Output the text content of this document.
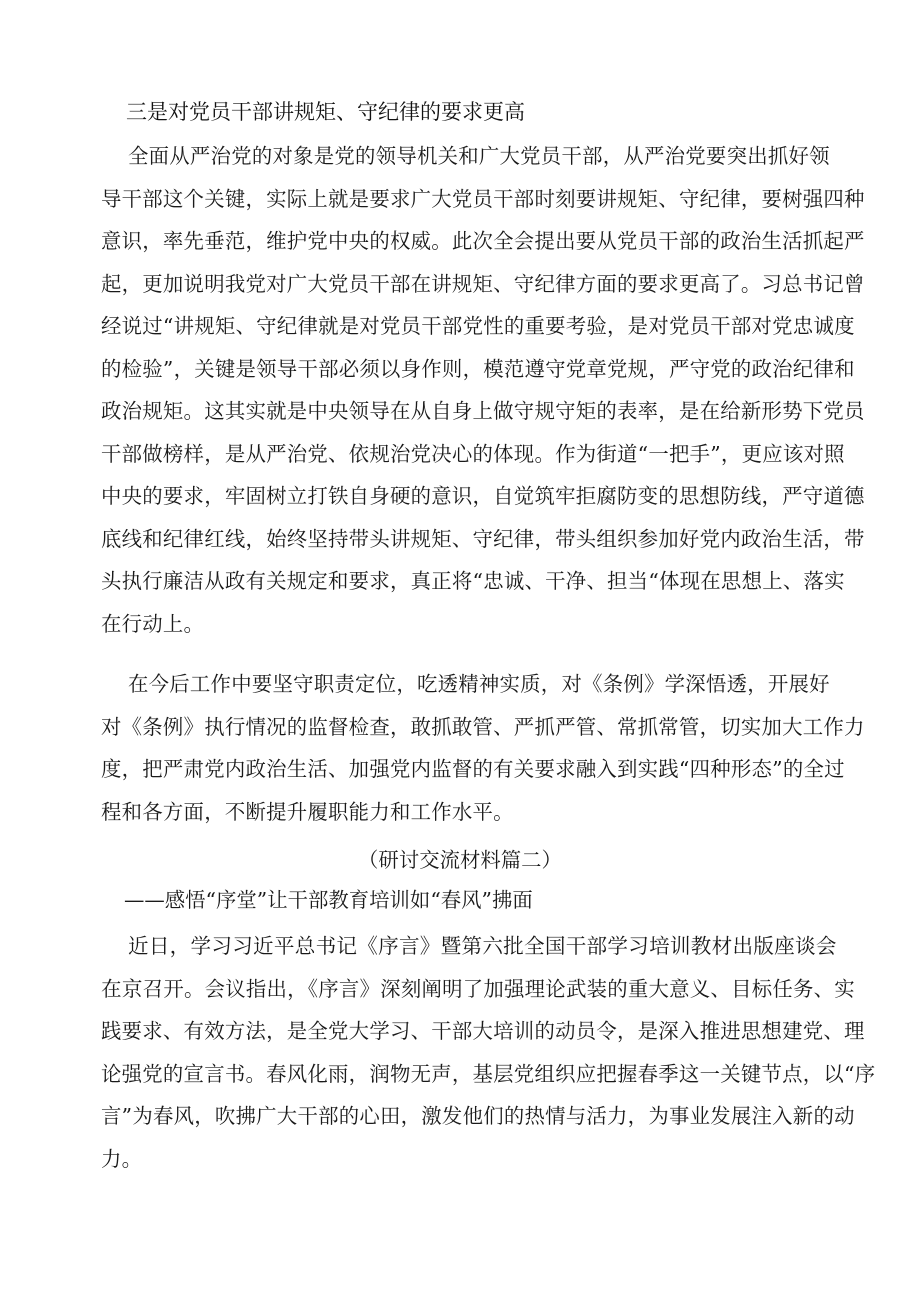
三是对党员干部讲规矩、守纪律的要求更高
全面从严治党的对象是党的领导机关和广大党员干部，从严治党要突出抓好领
导干部这个关键，实际上就是要求广大党员干部时刻要讲规矩、守纪律，要树强四种
意识，率先垂范，维护党中央的权威。此次全会提出要从党员干部的政治生活抓起严
起，更加说明我党对广大党员干部在讲规矩、守纪律方面的要求更高了。习总书记曾
经说过“讲规矩、守纪律就是对党员干部党性的重要考验，是对党员干部对党忠诚度
的检验”，关键是领导干部必须以身作则，模范遵守党章党规，严守党的政治纪律和
政治规矩。这其实就是中央领导在从自身上做守规守矩的表率，是在给新形势下党员
干部做榜样，是从严治党、依规治党决心的体现。作为街道“一把手”，更应该对照
中央的要求，牢固树立打铁自身硬的意识，自觉筑牢拒腐防变的思想防线，严守道德
底线和纪律红线，始终坚持带头讲规矩、守纪律，带头组织参加好党内政治生活，带
头执行廉洁从政有关规定和要求，真正将“忠诚、干净、担当“体现在思想上、落实
在行动上。
在今后工作中要坚守职责定位，吃透精神实质，对《条例》学深悟透，开展好
对《条例》执行情况的监督检查，敢抓敢管、严抓严管、常抓常管，切实加大工作力
度，把严肃党内政治生活、加强党内监督的有关要求融入到实践“四种形态”的全过
程和各方面，不断提升履职能力和工作水平。
（研讨交流材料篇二）
——感悟“序堂”让干部教育培训如“春风”拂面
近日，学习习近平总书记《序言》暨第六批全国干部学习培训教材出版座谈会
在京召开。会议指出，《序言》深刻阐明了加强理论武装的重大意义、目标任务、实
践要求、有效方法，是全党大学习、干部大培训的动员令，是深入推进思想建党、理
论强党的宣言书。春风化雨，润物无声，基层党组织应把握春季这一关键节点，以“序
言”为春风，吹拂广大干部的心田，激发他们的热情与活力，为事业发展注入新的动
力。
